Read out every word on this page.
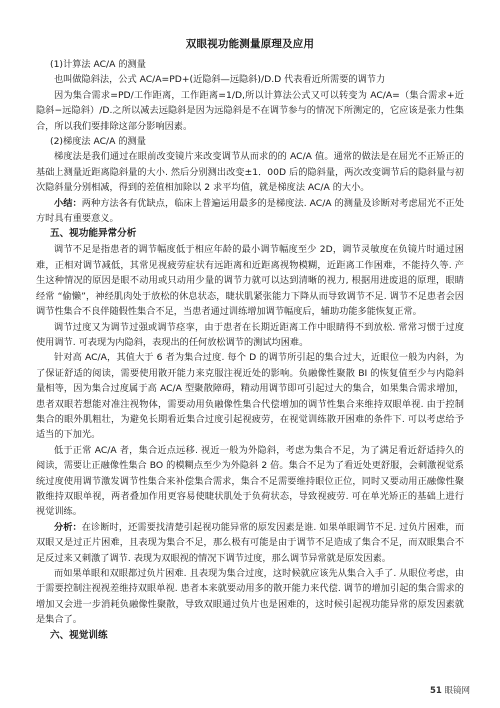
双眼视功能测量原理及应用

(1)计算法 AC/A 的测量

也叫做隐斜法，公式 AC/A=PD+(近隐斜—远隐斜)/D.D 代表看近所需要的调节力

因为集合需求=PD/工作距离，工作距离=1/D,所以计算法公式又可以转变为 AC/A=（集合需求+近隐斜−远隐斜）/D.之所以减去远隐斜是因为远隐斜是不在调节参与的情况下所测定的，它应该是张力性集合，所以我们要排除这部分影响因素。

(2)梯度法 AC/A 的测量

梯度法是我们通过在眼前改变镜片来改变调节从而求的的 AC/A 值。通常的做法是在屈光不正矫正的基础上测量近距离隐斜量的大小. 然后分别测出改变±1．00D 后的隐斜量，两次改变调节后的隐斜量与初次隐斜量分别相减，得到的差值相加除以 2 求平均值，就是梯度法 AC/A 的大小。

小结：两种方法各有优缺点，临床上普遍运用最多的是梯度法. AC/A 的测量及诊断对考虑屈光不正处方时具有重要意义。

五、视功能异常分析

调节不足是指患者的调节幅度低于相应年龄的最小调节幅度至少 2D，调节灵敏度在负镜片时通过困难，正相对调节减低，其常见视疲劳症状有远距离和近距离视物模糊，近距离工作困难，不能持久等. 产生这种情况的原因是眼不动用或只动用少量的调节力就可以达到清晰的视力, 根据用进废退的原理，眼睛经常 “偷懒”，神经肌肉处于放松的休息状态，睫状肌紧张能力下降从而导致调节不足. 调节不足患者会因调节性集合不良伴随假性集合不足，当患者通过训练增加调节幅度后，辅助功能多能恢复正常。

调节过度又为调节过强或调节痉挛，由于患者在长期近距离工作中眼睛得不到放松. 常常习惯于过度使用调节. 可表现为内隐斜，表现出的任何放松调节的测试均困难。

针对高 AC/A，其值大于 6 者为集合过度. 每个 D 的调节所引起的集合过大，近眼位一般为内斜，为了保证舒适的阅读，需要使用散开能力来克服注视近处的影响。负融像性聚散 BI 的恢复值至少与内隐斜量相等，因为集合过度属于高 AC/A 型聚散障碍，精动用调节即可引起过大的集合，如果集合需求增加，患者双眼若想能对准注视物体，需要动用负融像性集合代偿增加的调节性集合来维持双眼单视. 由于控制集合的眼外肌粗壮，为避免长期看近集合过度引起视疲劳，在视觉训练散开困难的条件下. 可以考虑给予适当的下加光。

低于正常 AC/A 者，集合近点远移. 视近一般为外隐斜，考虑为集合不足，为了满足看近舒适持久的阅读，需要让正融像性集合 BO 的模糊点至少为外隐斜 2 倍。集合不足为了看近处更舒服，会刺激视觉系统过度使用调节激发调节性集合来补偿集合需求，集合不足需要维持眼位正位，同时又要动用正融像性聚散维持双眼单视，两者叠加作用更容易使睫状肌处于负荷状态，导致视疲劳. 可在单光矫正的基础上进行视觉训练。

分析：在诊断时，还需要找清楚引起视功能异常的原发因素是谁. 如果单眼调节不足. 过负片困难，而双眼又是过正片困难，且表现为集合不足，那么极有可能是由于调节不足造成了集合不足，而双眼集合不足反过来又刺激了调节. 表现为双眼视的情况下调节过度，那么调节异常就是原发因素。

而如果单眼和双眼都过负片困难. 且表现为集合过度，这时候就应该先从集合入手了. 从眼位考虑，由于需要控制注视视差维持双眼单视. 患者本来就要动用多的散开能力来代偿. 调节的增加引起的集合需求的增加又会进一步消耗负融像性聚散，导致双眼通过负片也是困难的，这时候引起视功能异常的原发因素就是集合了。

六、视觉训练

51 眼镜网
